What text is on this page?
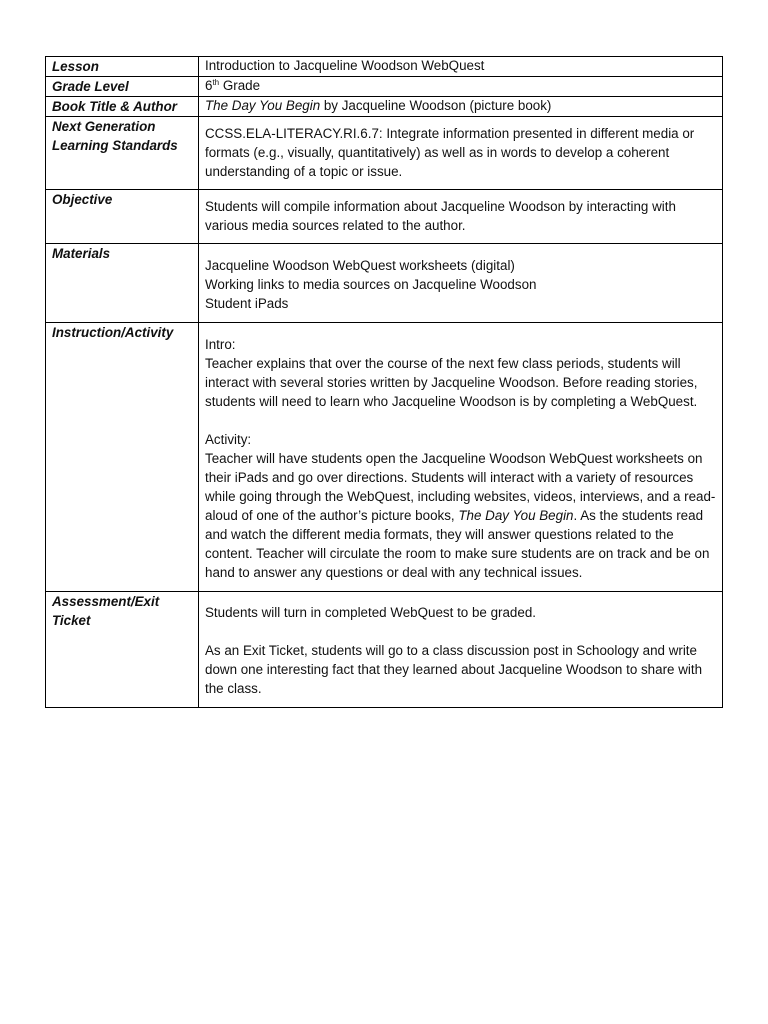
Lesson	Introduction to Jacqueline Woodson WebQuest
Grade Level	6th Grade
Book Title & Author	The Day You Begin by Jacqueline Woodson (picture book)
Next Generation Learning Standards	CCSS.ELA-LITERACY.RI.6.7: Integrate information presented in different media or formats (e.g., visually, quantitatively) as well as in words to develop a coherent understanding of a topic or issue.

Objective	Students will compile information about Jacqueline Woodson by interacting with various media sources related to the author.

Materials	Jacqueline Woodson WebQuest worksheets (digital)

Working links to media sources on Jacqueline Woodson

Student iPads

Instruction/Activity	Intro:

Teacher explains that over the course of the next few class periods, students will interact with several stories written by Jacqueline Woodson. Before reading stories, students will need to learn who Jacqueline Woodson is by completing a WebQuest.

Activity:

Teacher will have students open the Jacqueline Woodson WebQuest worksheets on their iPads and go over directions. Students will interact with a variety of resources while going through the WebQuest, including websites, videos, interviews, and a read-aloud of one of the author’s picture books, The Day You Begin. As the students read and watch the different media formats, they will answer questions related to the content. Teacher will circulate the room to make sure students are on track and be on hand to answer any questions or deal with any technical issues.

Assessment/Exit Ticket	Students will turn in completed WebQuest to be graded.

As an Exit Ticket, students will go to a class discussion post in Schoology and write down one interesting fact that they learned about Jacqueline Woodson to share with the class.
